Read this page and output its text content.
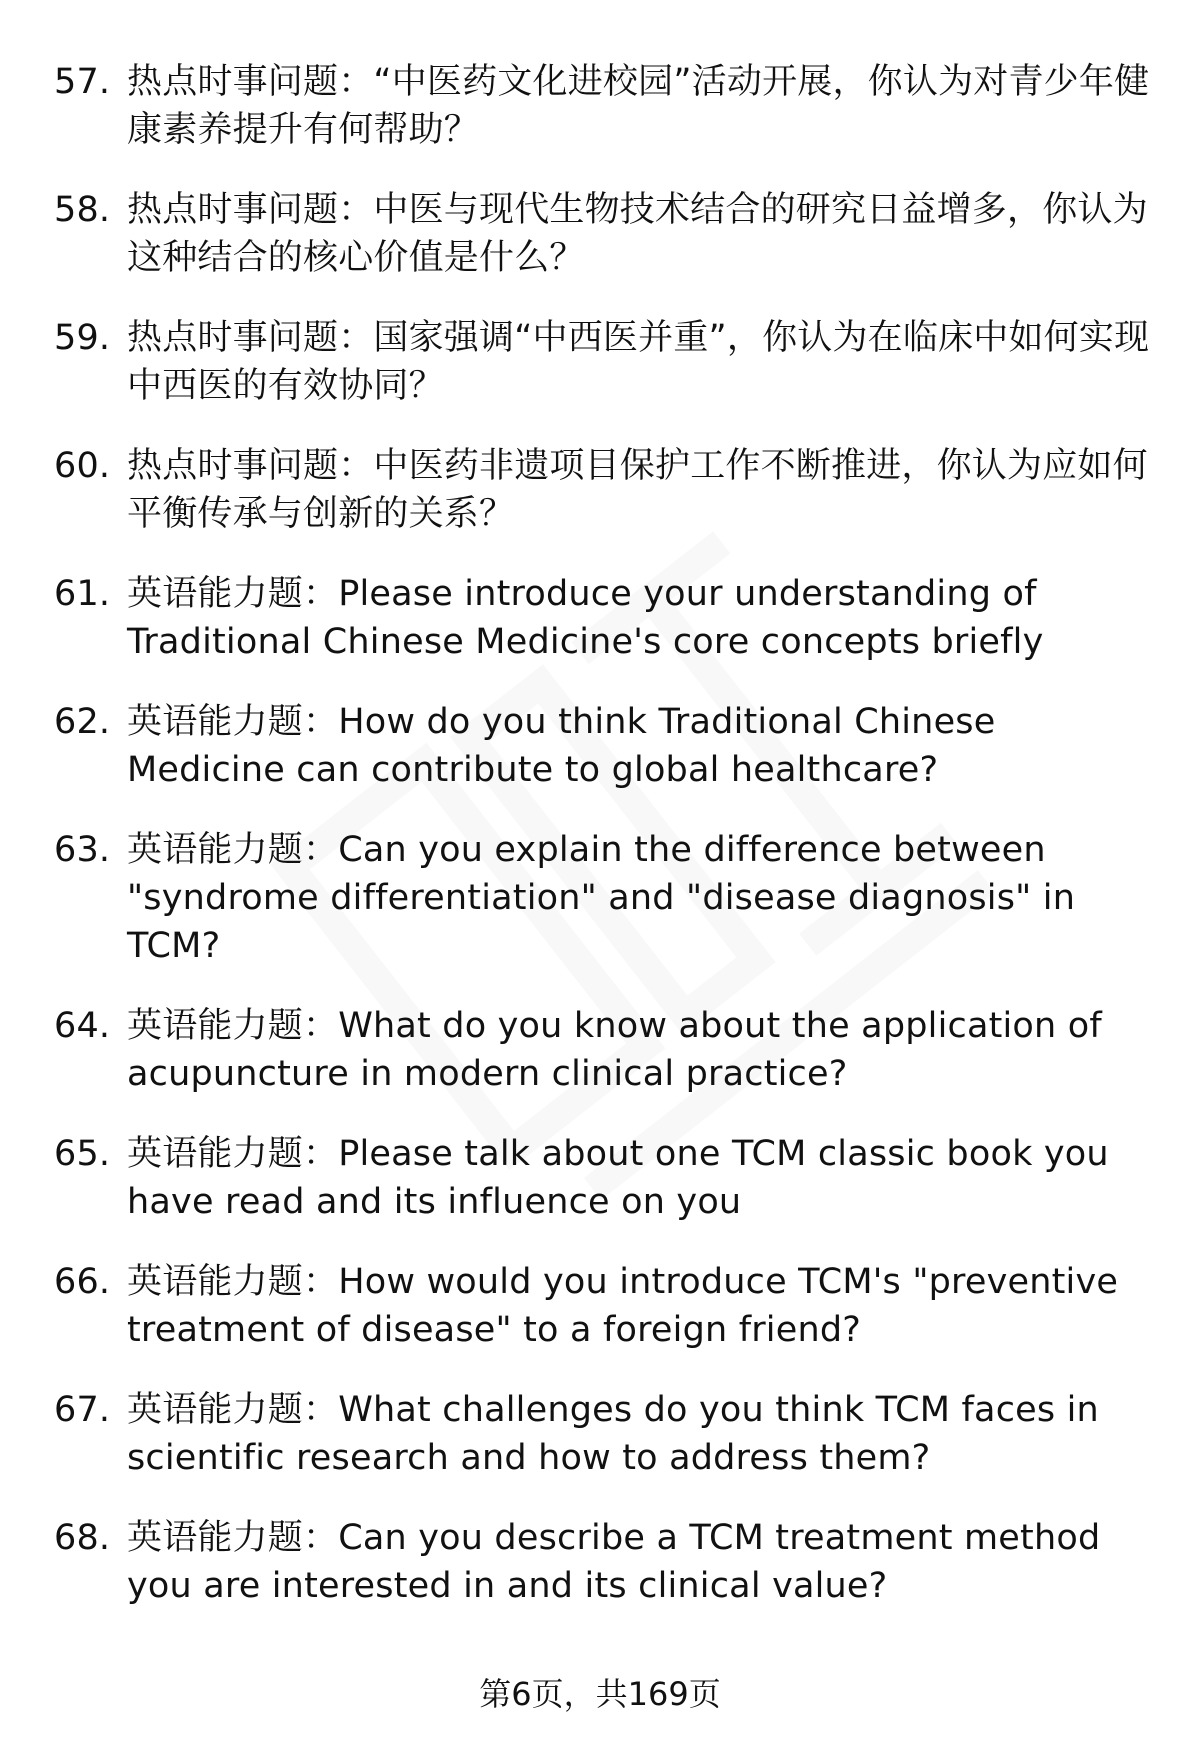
57. 热点时事问题：“中医药文化进校园”活动开展，你认为对青少年健康素养提升有何帮助？
58. 热点时事问题：中医与现代生物技术结合的研究日益增多，你认为这种结合的核心价值是什么？
59. 热点时事问题：国家强调“中西医并重”，你认为在临床中如何实现中西医的有效协同？
60. 热点时事问题：中医药非遗项目保护工作不断推进，你认为应如何平衡传承与创新的关系？
61. 英语能力题：Please introduce your understanding of Traditional Chinese Medicine's core concepts briefly
62. 英语能力题：How do you think Traditional Chinese Medicine can contribute to global healthcare?
63. 英语能力题：Can you explain the difference between "syndrome differentiation" and "disease diagnosis" in TCM?
64. 英语能力题：What do you know about the application of acupuncture in modern clinical practice?
65. 英语能力题：Please talk about one TCM classic book you have read and its influence on you
66. 英语能力题：How would you introduce TCM's "preventive treatment of disease" to a foreign friend?
67. 英语能力题：What challenges do you think TCM faces in scientific research and how to address them?
68. 英语能力题：Can you describe a TCM treatment method you are interested in and its clinical value?
第6页，共169页
